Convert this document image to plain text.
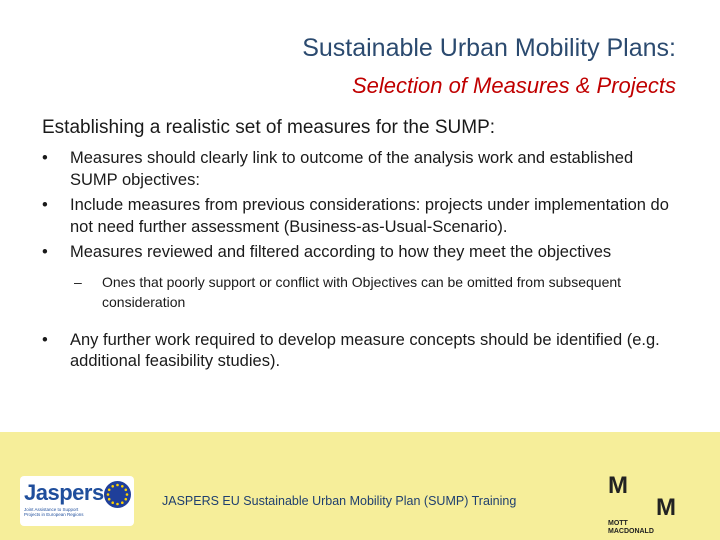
Sustainable Urban Mobility Plans:
Selection of Measures & Projects
Establishing a realistic set of measures for the SUMP:
• Measures should clearly link to outcome of the analysis work and established SUMP objectives:
• Include measures from previous considerations: projects under implementation do not need further assessment (Business-as-Usual-Scenario).
• Measures reviewed and filtered according to how they meet the objectives
– Ones that poorly support or conflict with Objectives can be omitted from subsequent consideration
• Any further work required to develop measure concepts should be identified (e.g. additional feasibility studies).
Jaspers
Joint Assistance to Support Projects in European Regions
JASPERS EU Sustainable Urban Mobility Plan (SUMP) Training
M
M
MOTT
MACDONALD
